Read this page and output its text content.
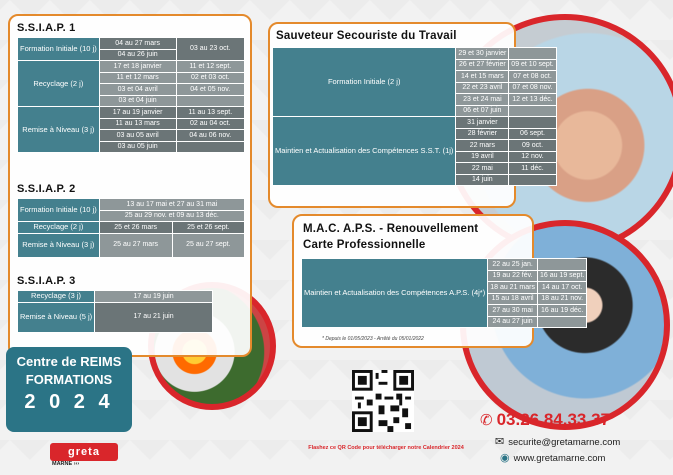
S.S.I.A.P. 1
Formation Initiale (10 j)	04 au 27 mars	03 au 23 oct.
	04 au 26 juin	
Recyclage (2 j)	17 et 18 janvier	11 et 12 sept.
	11 et 12 mars	02 et 03 oct.
	03 et 04 avril	04 et 05 nov.
	03 et 04 juin	
Remise à Niveau (3 j)	17 au 19 janvier	11 au 13 sept.
	11 au 13 mars	02 au 04 oct.
	03 au 05 avril	04 au 06 nov.
	03 au 05 juin	
S.S.I.A.P. 2
Formation Initiale (10 j)	13 au 17 mai et 27 au 31 mai	
	25 au 29 nov. et 09 au 13 déc.	
Recyclage (2 j)	25 et 26 mars	25 et 26 sept.
Remise à Niveau (3 j)	25 au 27 mars	25 au 27 sept.
S.S.I.A.P. 3
Recyclage (3 j)	17 au 19 juin
Remise à Niveau (5 j)	17 au 21 juin
Sauveteur Secouriste du Travail
Formation Initiale (2 j)	29 et 30 janvier	
	26 et 27 février	09 et 10 sept.
	14 et 15 mars	07 et 08 oct.
	22 et 23 avril	07 et 08 nov.
	23 et 24 mai	12 et 13 déc.
	06 et 07 juin	
Maintien et Actualisation des Compétences S.S.T. (1j)	31 janvier	
	28 février	06 sept.
	22 mars	09 oct.
	19 avril	12 nov.
	22 mai	11 déc.
	14 juin	
M.A.C. A.P.S. - Renouvellement
Carte Professionnelle
Maintien et Actualisation des Compétences A.P.S. (4j*)	22 au 25 jan.	
	19 au 22 fév.	16 au 19 sept.
	18 au 21 mars	14 au 17 oct.
	15 au 18 avril	18 au 21 nov.
	27 au 30 mai	16 au 19 déc.
	24 au 27 juin	
* Depuis le 01/05/2023 - Arrêté du 05/01/2022
Centre de REIMS
FORMATIONS
2 0 2 4
greta
MARNE ›››
Flashez ce QR Code pour télécharger notre Calendrier 2024
✆ 03.26.84.33.37
✉ securite@gretamarne.com
◉ www.gretamarne.com
